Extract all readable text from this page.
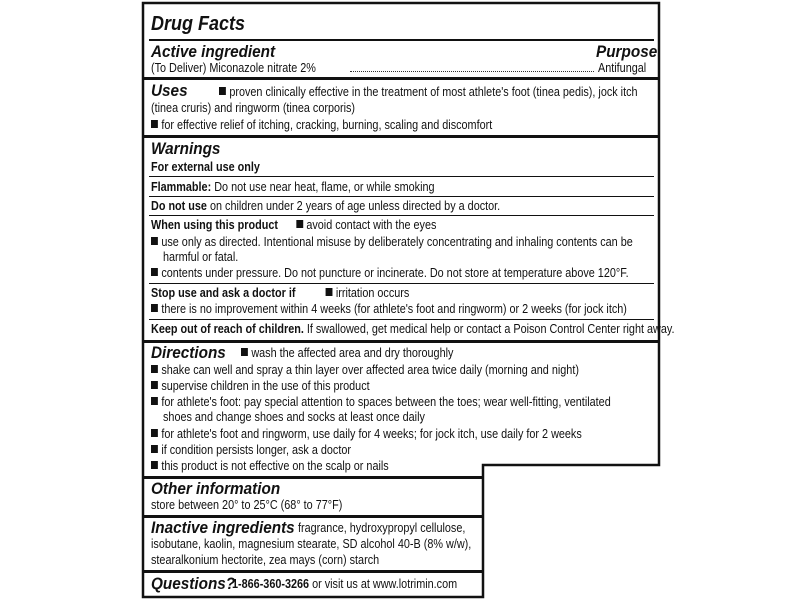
Drug Facts
Active ingredient	Purpose
(To Deliver) Miconazole nitrate 2%	Antifungal
Uses	proven clinically effective in the treatment of most athlete's foot (tinea pedis), jock itch
(tinea cruris) and ringworm (tinea corporis)
for effective relief of itching, cracking, burning, scaling and discomfort
Warnings
For external use only
Flammable: Do not use near heat, flame, or while smoking
Do not use on children under 2 years of age unless directed by a doctor.
When using this product avoid contact with the eyes
use only as directed. Intentional misuse by deliberately concentrating and inhaling contents can be
harmful or fatal.
contents under pressure. Do not puncture or incinerate. Do not store at temperature above 120°F.
Stop use and ask a doctor if	irritation occurs
there is no improvement within 4 weeks (for athlete's foot and ringworm) or 2 weeks (for jock itch)
Keep out of reach of children. If swallowed, get medical help or contact a Poison Control Center right away.
Directions	wash the affected area and dry thoroughly
shake can well and spray a thin layer over affected area twice daily (morning and night)
supervise children in the use of this product
for athlete's foot: pay special attention to spaces between the toes; wear well-fitting, ventilated
shoes and change shoes and socks at least once daily
for athlete's foot and ringworm, use daily for 4 weeks; for jock itch, use daily for 2 weeks
if condition persists longer, ask a doctor
this product is not effective on the scalp or nails
Other information
store between 20° to 25°C (68° to 77°F)
Inactive ingredients fragrance, hydroxypropyl cellulose,
isobutane, kaolin, magnesium stearate, SD alcohol 40-B (8% w/w),
stearalkonium hectorite, zea mays (corn) starch
Questions?
1-866-360-3266 or visit us at www.lotrimin.com
